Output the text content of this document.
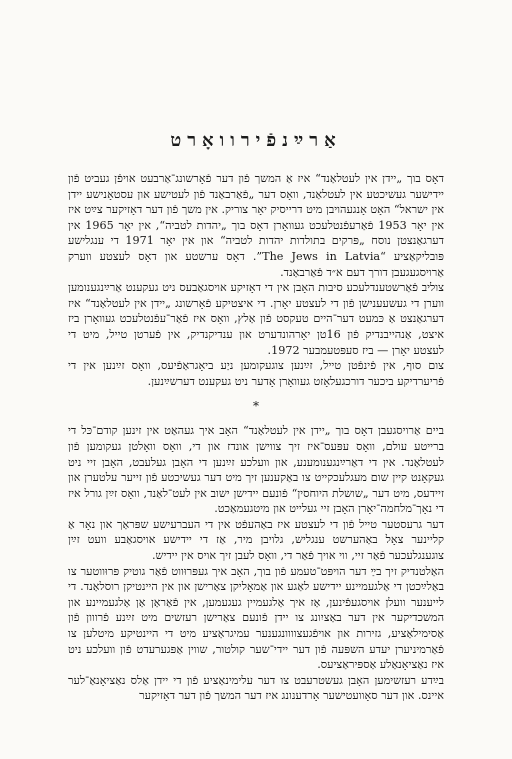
אַרײַנפֿירוואָרט

דאָס בוך „יידן אין לעטלאַנד“ איז אַ המשך פֿון דער פֿאָרשונג־אַרבעט אויפֿן געביט פֿון יידישער געשיכטע אין לעטלאַנד, וואָס דער „פֿאַרבאַנד פֿון לעטישע און עסטאָנישע יידן אין ישראל“ האָט אָנגעהויבן מיט דרייסיק יאָר צוריק. אין משך פֿון דער דאָזיקער צײַט איז אין יאָר 1953 פֿאַרעפֿנטלעכט געוואָרן דאָס בוך „יהדות לטביה“, אין יאָר 1965 אין דערגאַנצטן נוסח „פּרקים בתולדות יהדות לטביה“ און אין יאָר 1971 די ענגלישע פּובליקאַציע “The Jews in Latvia”. דאָס ערשטע און דאָס לעצטע ווערק אַרויסגעגעבן דורך דעם א״ד פֿאַרבאַנד.

צוליב פֿאַרשטענדלעכע סיבות האָבן אין די דאָזיקע אויסגאַבעס ניט געקענט אַרײַנגענומען ווערן די געשעענישן פֿון די לעצטע יאָרן. די איצטיקע פֿאָרשונג „יידן אין לעטלאַנד“ איז דערגאַנצט אַ כּמעט דער־היים טעקסט פֿון אַלץ, וואָס איז פֿאַר־עפֿנטלעכט געוואָרן ביז איצט, אַנהייבנדיק פֿון 16טן יאָרהונדערט און ענדיקנדיק, אין פֿערטן טייל, מיט די לעצטע יאָרן — ביז סעפּטעמבער 1972.

צום סוף, אין פֿינפֿטן טייל, זײַנען צוגעקומען ניַע ביאָגראַפֿיעס, וואָס זײַנען אין די פֿריערדיקע ביכער דורכגעלאָזט געוואָרן אָדער ניט געקענט דערשײַנען.

*

ביים אַרויסגעבן דאָס בוך „יידן אין לעטלאַנד“ האָב איך געהאַט אין זינען קודם־כּל די ברייטע עולם, וואָס עפּעס־איז זיך צווישן אונדז און די, וואָס וואָלטן געקומען פֿון לעטלאַנד. אין די דאַרײַנגענומענע, און וועלכע זײַנען די האָבן געלעבט, האָבן זיי ניט געקאָנט קיין שום מעגלעכקייט צו באַקענען זיך מיט דער געשיכטע פֿון זייער עלטערן און זיידעס, מיט דער „שושלת היוחסין“ פֿונעם יידישן ישוב אין לעט־לאַנד, וואָס זײַן גורל איז די נאָך־מלחמה־יאָרן האָבן זיי געלייט און מיטגעמאַכט.

דער גרעסטער טייל פֿון די לעצטע איז באַהעפֿט אין די העברעישע שפּראַך און נאָר אַ קליינער צאָל באַהערשט ענגליש, גלויבן מיר, אַז די יידישע אויסגאַבע וועט זײַן צוגענגלעכער פֿאַר זיי, ווי אויך פֿאַר די, וואָס לעבן זיך אויס אין יידיש.

האַלטנדיק זיך בײַ דער הויפּט־טעמע פֿון בוך, האָב איך געפּרוּווט פֿאַר גוטיק פּרוּווטער צו באַלײַכטן די אַלגעמיינע יידישע לאַגע און אַמאָליקן צאַרישן און אין היינטיקן רוסלאַנד. די לייענער וועלן אויסגעפֿינען, אַז איך אַלגעמיין געגעמען, אין פֿאַראַן אַן אַלגעמיינע און המשכדיקער אין דער באַציִונג צו יידן פֿונעם צאַרישן רעזשים מיט זײַנע פֿרווון פֿון אַסימילאַציע, גזירות און אויפֿגעצוווונגענער עמיגראַציע מיט די היינטיקע מיטלען צו פֿאַרמיניערן יעדע השפּעה פֿון דער יידי־שער קולטור, שווין אַפּגערעדט פֿון וועלכע ניט איז נאַציאָנאַלע אַספּיראַציעס.

בײַדע רעזשימען האָבן געשטרעבט צו דער עלימינאַציע פֿון די יידן אַלס נאַציאָנאַ־לער איינס. און דער סאָוועטישער אָרדענונג איז דער המשך פֿון דער דאָזיקער
